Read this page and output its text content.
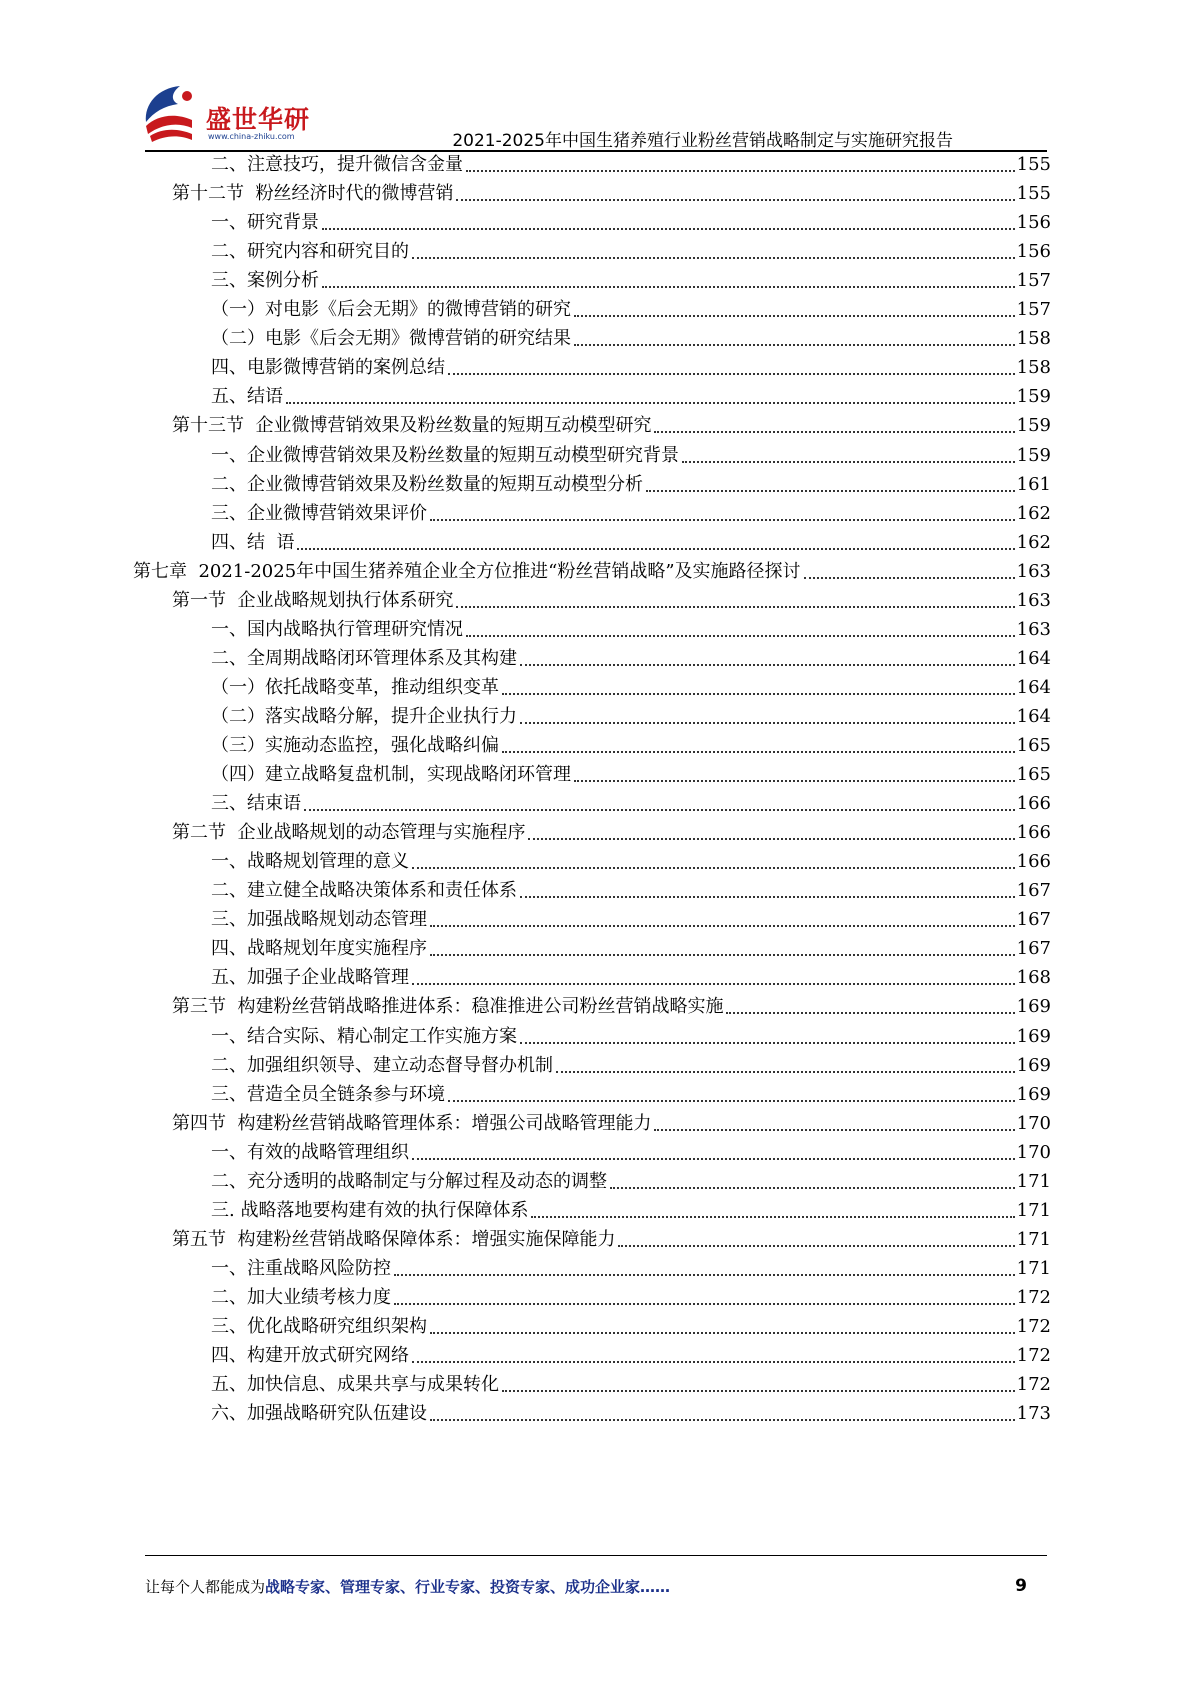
盛世华研
www.china-zhiku.com	2021-2025年中国生猪养殖行业粉丝营销战略制定与实施研究报告
二、注意技巧，提升微信含金量	155
第十二节  粉丝经济时代的微博营销	155
一、研究背景	156
二、研究内容和研究目的	156
三、案例分析	157
（一）对电影《后会无期》的微博营销的研究	157
（二）电影《后会无期》微博营销的研究结果	158
四、电影微博营销的案例总结	158
五、结语	159
第十三节  企业微博营销效果及粉丝数量的短期互动模型研究	159
一、企业微博营销效果及粉丝数量的短期互动模型研究背景	159
二、企业微博营销效果及粉丝数量的短期互动模型分析	161
三、企业微博营销效果评价	162
四、结  语	162
第七章  2021-2025年中国生猪养殖企业全方位推进“粉丝营销战略”及实施路径探讨	163
第一节  企业战略规划执行体系研究	163
一、国内战略执行管理研究情况	163
二、全周期战略闭环管理体系及其构建	164
（一）依托战略变革，推动组织变革	164
（二）落实战略分解，提升企业执行力	164
（三）实施动态监控，强化战略纠偏	165
（四）建立战略复盘机制，实现战略闭环管理	165
三、结束语	166
第二节  企业战略规划的动态管理与实施程序	166
一、战略规划管理的意义	166
二、建立健全战略决策体系和责任体系	167
三、加强战略规划动态管理	167
四、战略规划年度实施程序	167
五、加强子企业战略管理	168
第三节  构建粉丝营销战略推进体系：稳准推进公司粉丝营销战略实施	169
一、结合实际、精心制定工作实施方案	169
二、加强组织领导、建立动态督导督办机制	169
三、营造全员全链条参与环境	169
第四节  构建粉丝营销战略管理体系：增强公司战略管理能力	170
一、有效的战略管理组织	170
二、充分透明的战略制定与分解过程及动态的调整	171
三. 战略落地要构建有效的执行保障体系	171
第五节  构建粉丝营销战略保障体系：增强实施保障能力	171
一、注重战略风险防控	171
二、加大业绩考核力度	172
三、优化战略研究组织架构	172
四、构建开放式研究网络	172
五、加快信息、成果共享与成果转化	172
六、加强战略研究队伍建设	173
让每个人都能成为战略专家、管理专家、行业专家、投资专家、成功企业家……	9
